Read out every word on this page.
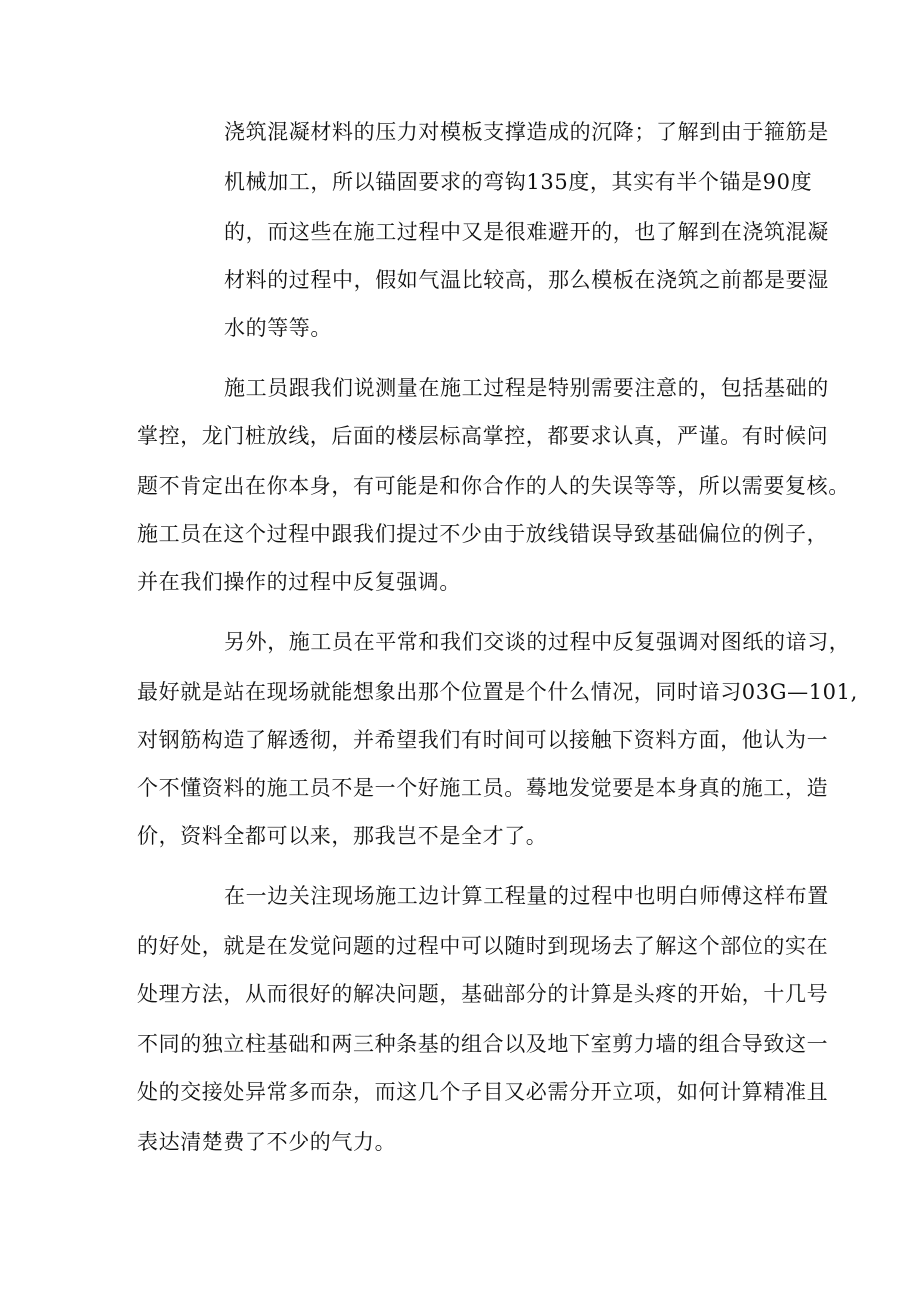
浇筑混凝材料的压力对模板支撑造成的沉降；了解到由于箍筋是
机械加工，所以锚固要求的弯钩135度，其实有半个锚是90度
的，而这些在施工过程中又是很难避开的，也了解到在浇筑混凝
材料的过程中，假如气温比较高，那么模板在浇筑之前都是要湿
水的等等。
施工员跟我们说测量在施工过程是特别需要注意的，包括基础的
掌控，龙门桩放线，后面的楼层标高掌控，都要求认真，严谨。有时候问
题不肯定出在你本身，有可能是和你合作的人的失误等等，所以需要复核。
施工员在这个过程中跟我们提过不少由于放线错误导致基础偏位的例子，
并在我们操作的过程中反复强调。
另外，施工员在平常和我们交谈的过程中反复强调对图纸的谙习，
最好就是站在现场就能想象出那个位置是个什么情况，同时谙习03G—101,
对钢筋构造了解透彻，并希望我们有时间可以接触下资料方面，他认为一
个不懂资料的施工员不是一个好施工员。蓦地发觉要是本身真的施工，造
价，资料全都可以来，那我岂不是全才了。
在一边关注现场施工边计算工程量的过程中也明白师傅这样布置
的好处，就是在发觉问题的过程中可以随时到现场去了解这个部位的实在
处理方法，从而很好的解决问题，基础部分的计算是头疼的开始，十几号
不同的独立柱基础和两三种条基的组合以及地下室剪力墙的组合导致这一
处的交接处异常多而杂，而这几个子目又必需分开立项，如何计算精准且
表达清楚费了不少的气力。
